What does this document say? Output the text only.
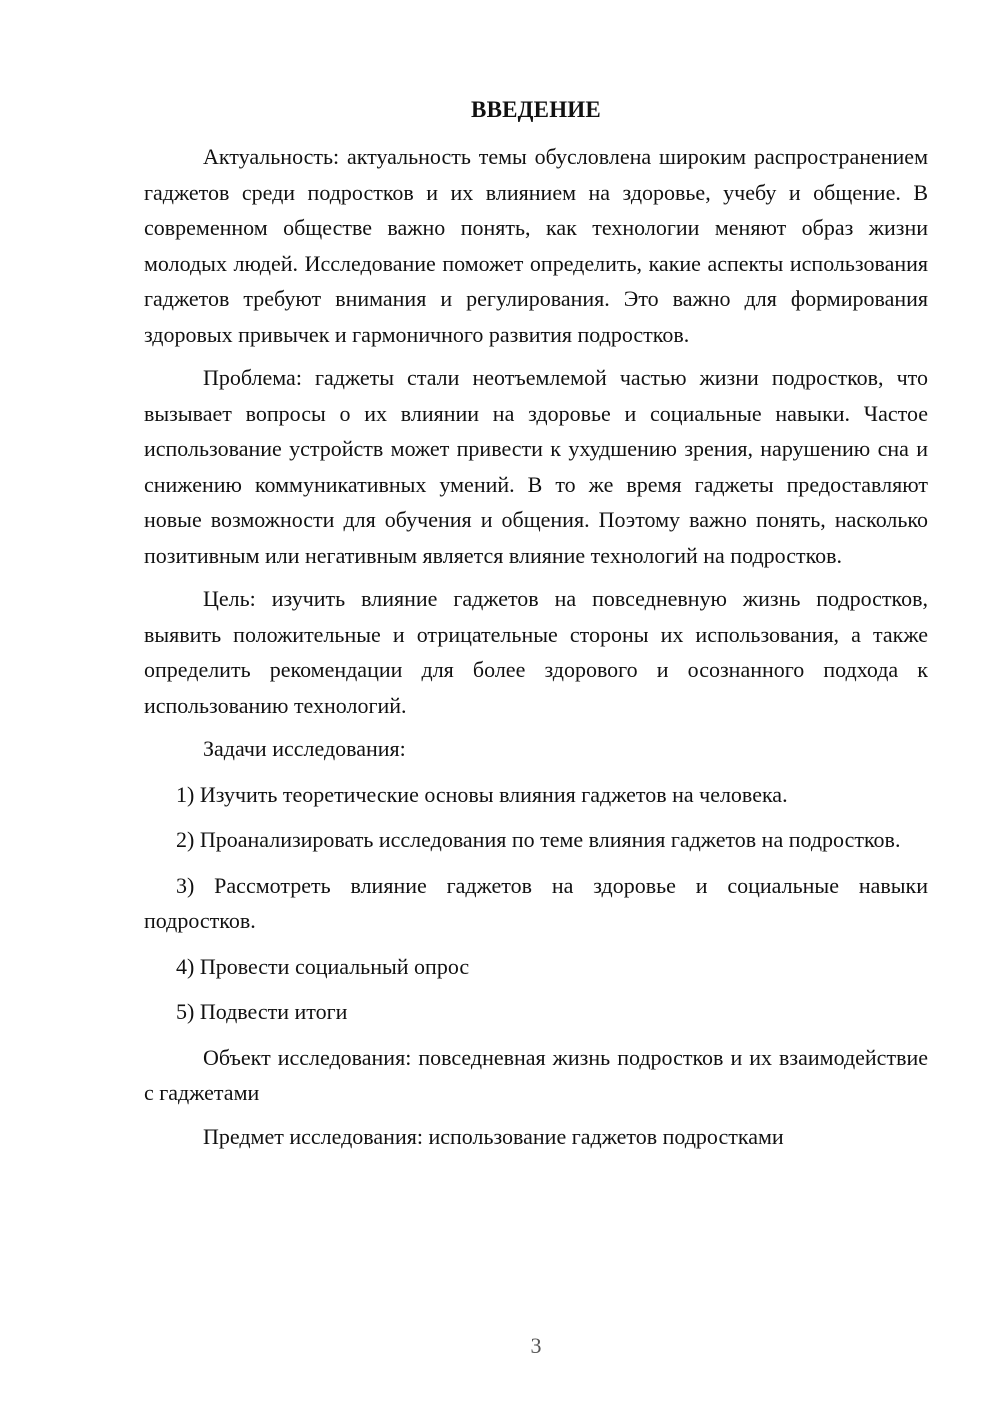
ВВЕДЕНИЕ

Актуальность: актуальность темы обусловлена широким распространением гаджетов среди подростков и их влиянием на здоровье, учебу и общение. В современном обществе важно понять, как технологии меняют образ жизни молодых людей. Исследование поможет определить, какие аспекты использования гаджетов требуют внимания и регулирования. Это важно для формирования здоровых привычек и гармоничного развития подростков.

Проблема: гаджеты стали неотъемлемой частью жизни подростков, что вызывает вопросы о их влиянии на здоровье и социальные навыки. Частое использование устройств может привести к ухудшению зрения, нарушению сна и снижению коммуникативных умений. В то же время гаджеты предоставляют новые возможности для обучения и общения. Поэтому важно понять, насколько позитивным или негативным является влияние технологий на подростков.

Цель: изучить влияние гаджетов на повседневную жизнь подростков, выявить положительные и отрицательные стороны их использования, а также определить рекомендации для более здорового и осознанного подхода к использованию технологий.

Задачи исследования:

1) Изучить теоретические основы влияния гаджетов на человека.

2) Проанализировать исследования по теме влияния гаджетов на подростков.

3) Рассмотреть влияние гаджетов на здоровье и социальные навыки подростков.

4) Провести социальный опрос

5) Подвести итоги

Объект исследования: повседневная жизнь подростков и их взаимодействие с гаджетами

Предмет исследования: использование гаджетов подростками

3
